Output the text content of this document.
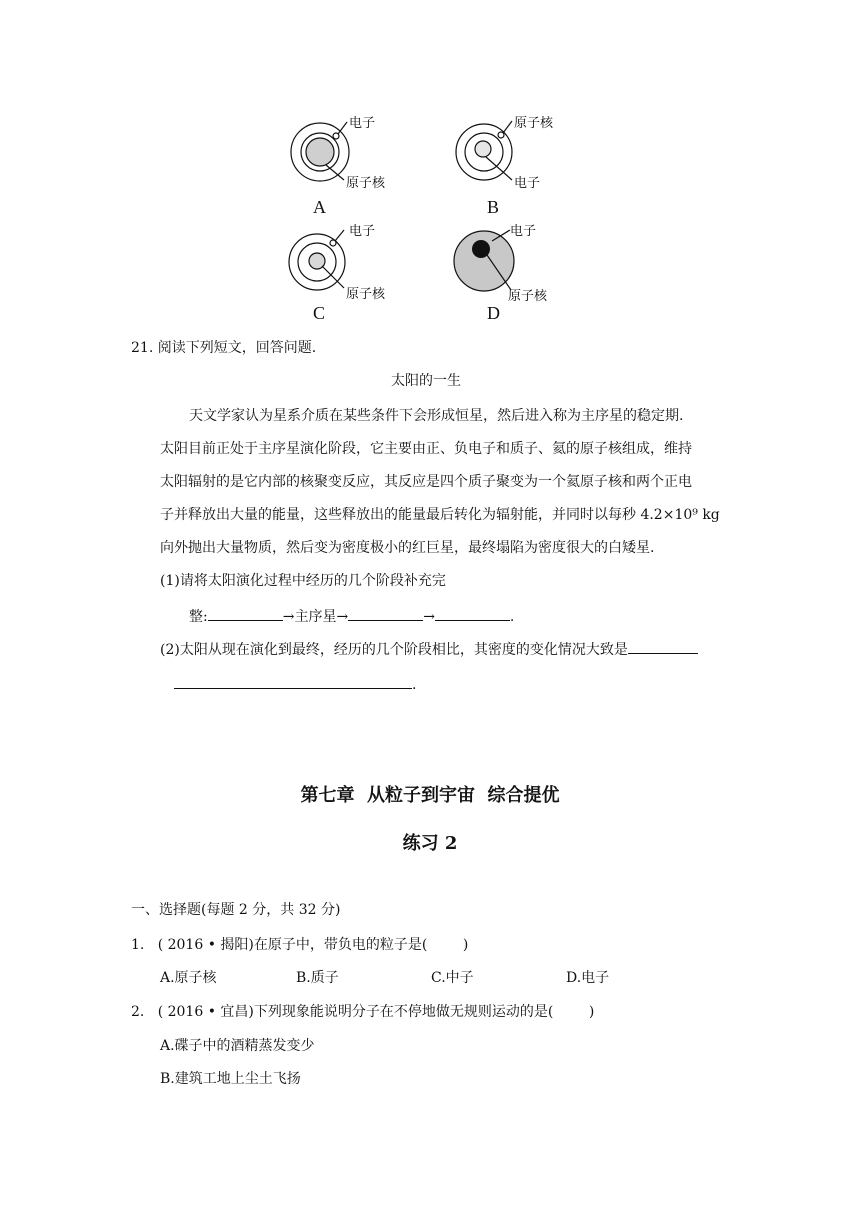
电子
原子核
A
原子核
电子
B
电子
原子核
C
电子
原子核
D
21. 阅读下列短文，回答问题.
太阳的一生
天文学家认为星系介质在某些条件下会形成恒星，然后进入称为主序星的稳定期.
太阳目前正处于主序星演化阶段，它主要由正、负电子和质子、氦的原子核组成，维持
太阳辐射的是它内部的核聚变反应，其反应是四个质子聚变为一个氦原子核和两个正电
子并释放出大量的能量，这些释放出的能量最后转化为辐射能，并同时以每秒 4.2×10⁹ kg
向外抛出大量物质，然后变为密度极小的红巨星，最终塌陷为密度很大的白矮星.
(1)请将太阳演化过程中经历的几个阶段补充完
整:	→主序星→	→	.
(2)太阳从现在演化到最终，经历的几个阶段相比，其密度的变化情况大致是
.
第七章  从粒子到宇宙  综合提优
练习 2
一、选择题(每题 2 分，共 32 分)
1.   ( 2016 • 揭阳)在原子中，带负电的粒子是(        )
A.原子核	B.质子	C.中子	D.电子
2.   ( 2016 • 宜昌)下列现象能说明分子在不停地做无规则运动的是(        )
A.碟子中的酒精蒸发变少
B.建筑工地上尘土飞扬
